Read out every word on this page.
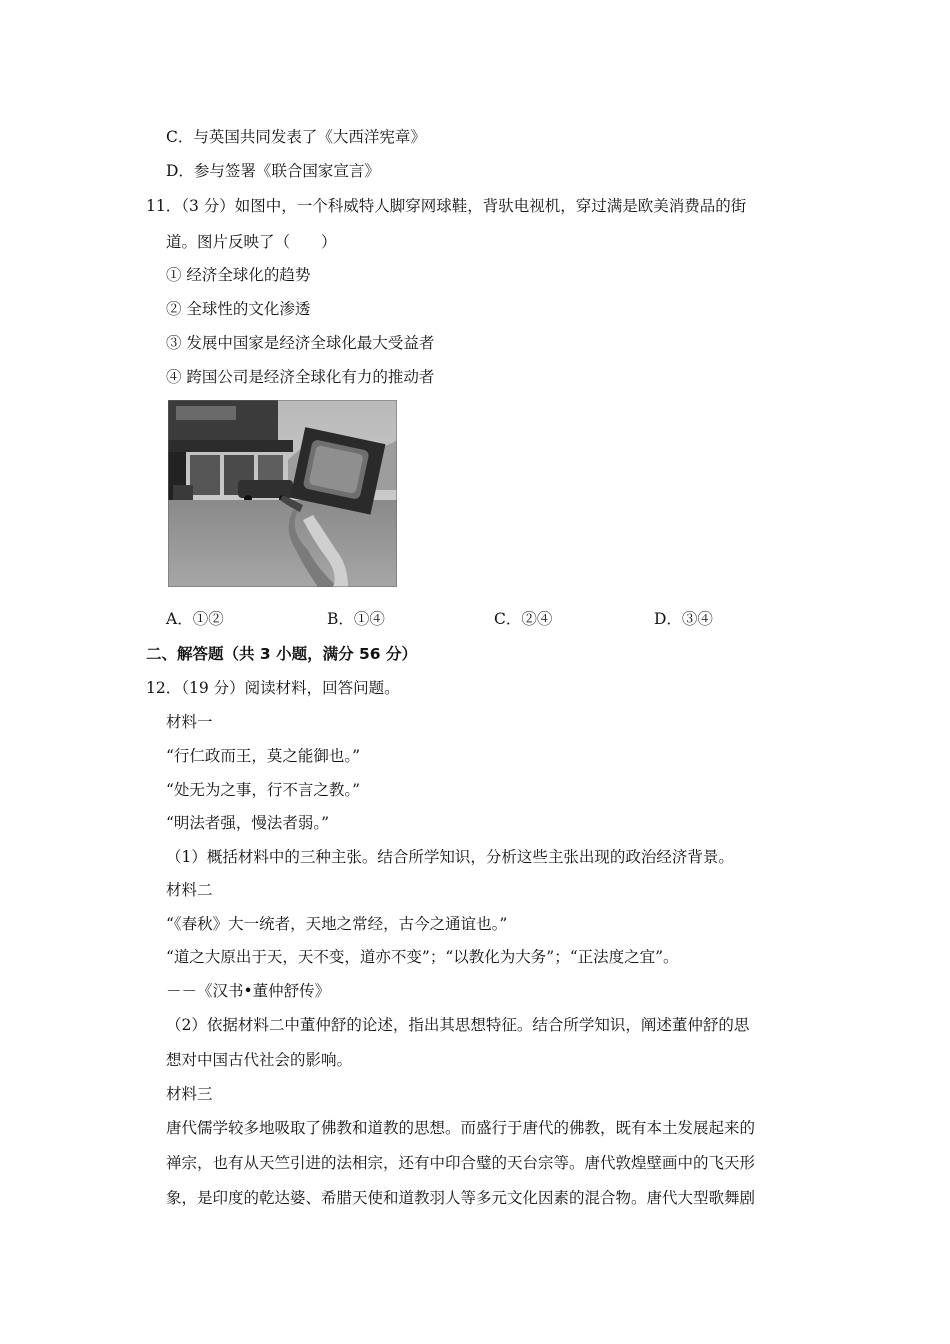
C．与英国共同发表了《大西洋宪章》
D．参与签署《联合国家宣言》
11．（3 分）如图中，一个科威特人脚穿网球鞋，背驮电视机，穿过满是欧美消费品的街
道。图片反映了（　　）
① 经济全球化的趋势
② 全球性的文化渗透
③ 发展中国家是经济全球化最大受益者
④ 跨国公司是经济全球化有力的推动者
A．①②	B．①④	C．②④	D．③④
二、解答题（共 3 小题，满分 56 分）
12．（19 分）阅读材料，回答问题。
材料一
“行仁政而王，莫之能御也。”
“处无为之事，行不言之教。”
“明法者强，慢法者弱。”
（1）概括材料中的三种主张。结合所学知识，分析这些主张出现的政治经济背景。
材料二
“《春秋》大一统者，天地之常经，古今之通谊也。”
“道之大原出于天，天不变，道亦不变”；“以教化为大务”；“正法度之宜”。
－－《汉书•董仲舒传》
（2）依据材料二中董仲舒的论述，指出其思想特征。结合所学知识，阐述董仲舒的思
想对中国古代社会的影响。
材料三
唐代儒学较多地吸取了佛教和道教的思想。而盛行于唐代的佛教，既有本土发展起来的
禅宗，也有从天竺引进的法相宗，还有中印合璧的天台宗等。唐代敦煌壁画中的飞天形
象，是印度的乾达婆、希腊天使和道教羽人等多元文化因素的混合物。唐代大型歌舞剧
